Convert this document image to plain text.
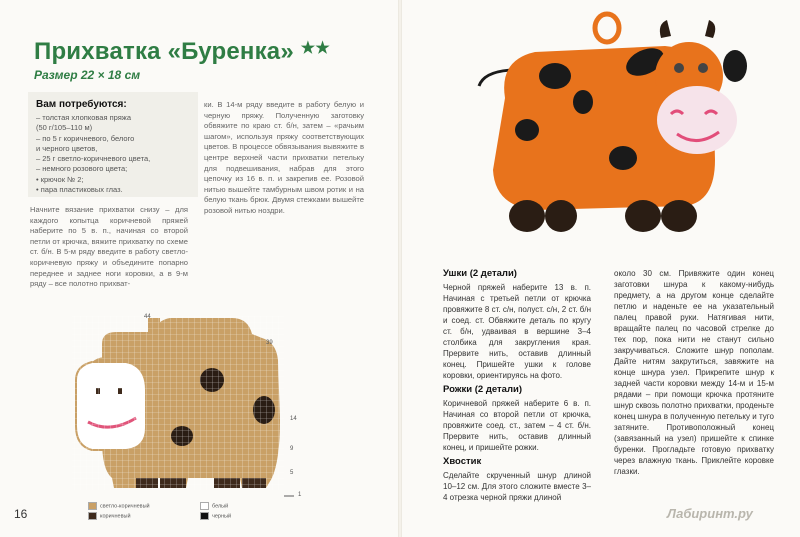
Прихватка «Буренка» ★★
Размер 22 × 18 см
Вам потребуются:
– толстая хлопковая пряжа
(50 г/105–110 м)
– по 5 г коричневого, белого
и черного цветов,
– 25 г светло-коричневого цвета,
– немного розового цвета;
• крючок № 2;
• пара пластиковых глаз.

Начните вязание прихватки снизу – для каждого копытца коричневой пряжей наберите по 5 в. п., начиная со второй петли от крючка, вяжите прихватку по схеме ст. б/н. В 5-м ряду введите в работу светло-коричневую пряжу и объедините попарно переднее и заднее ноги коровки, а в 9-м ряду – все полотно прихват-

ки. В 14-м ряду введите в работу белую и черную пряжу. Полученную заготовку обвяжите по краю ст. б/н, затем – «рачьим шагом», используя пряжу соответствующих цветов. В процессе обвязывания вывяжите в центре верхней части прихватки петельку для подвешивания, набрав для этого цепочку из 16 в. п. и закрепив ее. Розовой нитью вышейте тамбурным швом ротик и на белую ткань брюк. Двумя стежками вышейте розовой нитью ноздри.

44
39
14
9
5
1
светло-коричневый
коричневый
белый
черный
16

Ушки (2 детали)

Черной пряжей наберите 13 в. п. Начиная с третьей петли от крючка провяжите 8 ст. с/н, полуст. с/н, 2 ст. б/н и соед. ст. Обвяжите деталь по кругу ст. б/н, удваивая в вершине 3–4 столбика для закругления края. Прервите нить, оставив длинный конец. Пришейте ушки к голове коровки, ориентируясь на фото.

Рожки (2 детали)

Коричневой пряжей наберите 6 в. п. Начиная со второй петли от крючка, провяжите соед. ст., затем – 4 ст. б/н. Прервите нить, оставив длинный конец, и пришейте рожки.

Хвостик

Сделайте скрученный шнур длиной 10–12 см. Для этого сложите вместе 3–4 отрезка черной пряжи длиной

около 30 см. Привяжите один конец заготовки шнура к какому-нибудь предмету, а на другом конце сделайте петлю и наденьте ее на указательный палец правой руки. Натягивая нити, вращайте палец по часовой стрелке до тех пор, пока нити не станут сильно закручиваться. Сложите шнур пополам. Дайте нитям закрутиться, завяжите на конце шнура узел. Прикрепите шнур к задней части коровки между 14-м и 15-м рядами – при помощи крючка протяните шнур сквозь полотно прихватки, проденьте конец шнура в полученную петельку и туго затяните. Противоположный конец (завязанный на узел) пришейте к спинке буренки. Прогладьте готовую прихватку через влажную ткань. Приклейте коровке глазки.

Лабиринт.ру
